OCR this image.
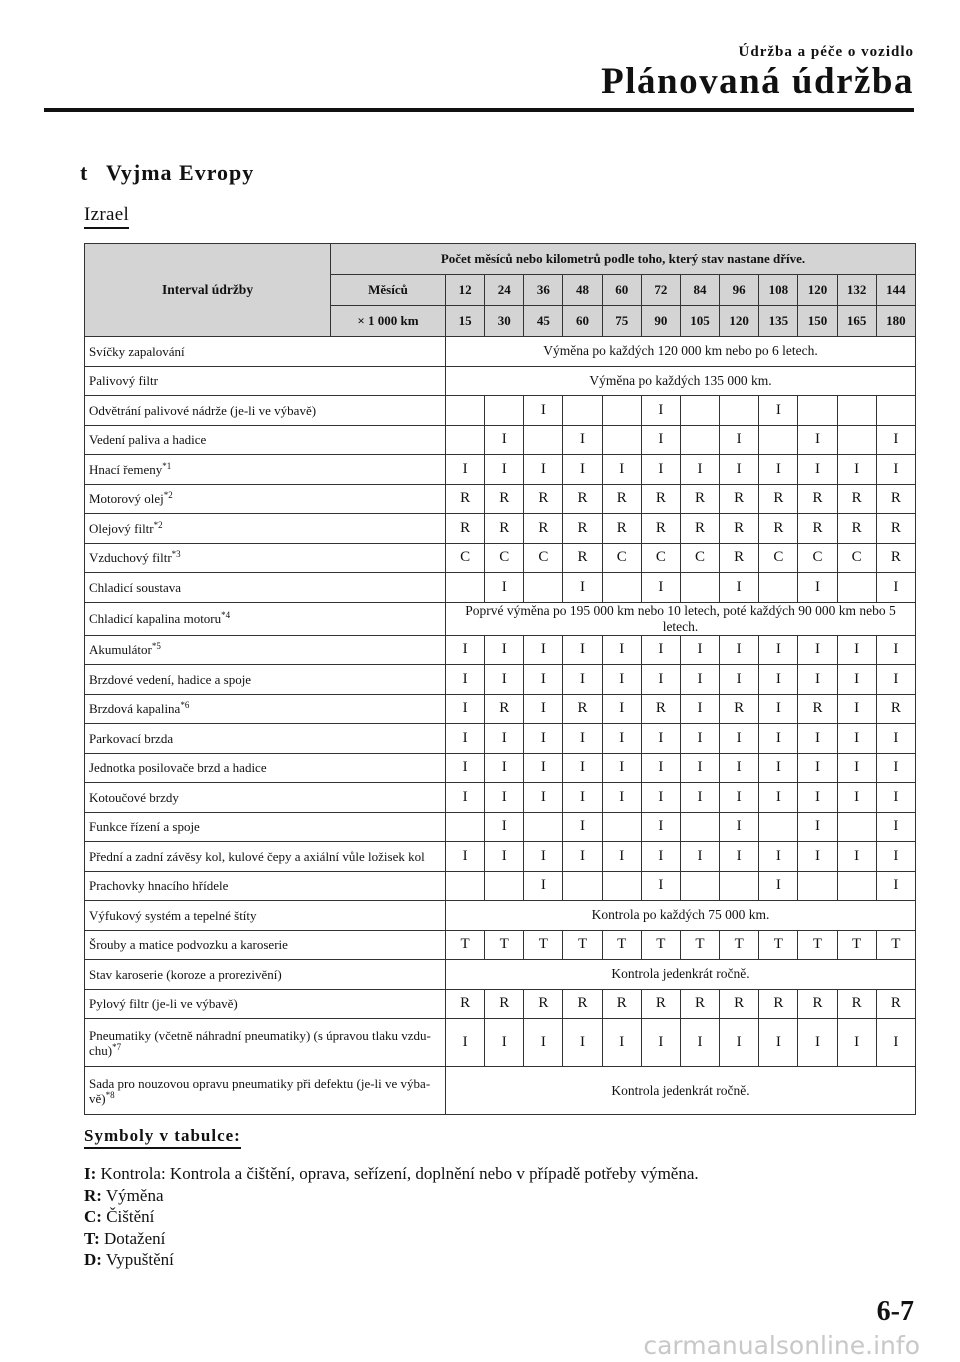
Údržba a péče o vozidlo
Plánovaná údržba
t Vyjma Evropy
Izrael
Interval údržby	Počet měsíců nebo kilometrů podle toho, který stav nastane dříve.												
	Měsíců	12	24	36	48	60	72	84	96	108	120	132	144
	× 1 000 km	15	30	45	60	75	90	105	120	135	150	165	180
Svíčky zapalování		Výměna po každých 120 000 km nebo po 6 letech.											
Palivový filtr		Výměna po každých 135 000 km.											
Odvětrání palivové nádrže (je-li ve výbavě)				I			I			I			
Vedení paliva a hadice			I		I		I		I		I		I
Hnací řemeny$^{*1}$		I	I	I	I	I	I	I	I	I	I	I	I
Motorový olej$^{*2}$		R	R	R	R	R	R	R	R	R	R	R	R
Olejový filtr$^{*2}$		R	R	R	R	R	R	R	R	R	R	R	R
Vzduchový filtr$^{*3}$		C	C	C	R	C	C	C	R	C	C	C	R
Chladicí soustava			I		I		I		I		I		I
Chladicí kapalina motoru$^{*4}$		Poprvé výměna po 195 000 km nebo 10 letech, poté každých 90 000 km nebo 5 letech.											
Akumulátor$^{*5}$		I	I	I	I	I	I	I	I	I	I	I	I
Brzdové vedení, hadice a spoje		I	I	I	I	I	I	I	I	I	I	I	I
Brzdová kapalina$^{*6}$		I	R	I	R	I	R	I	R	I	R	I	R
Parkovací brzda		I	I	I	I	I	I	I	I	I	I	I	I
Jednotka posilovače brzd a hadice		I	I	I	I	I	I	I	I	I	I	I	I
Kotoučové brzdy		I	I	I	I	I	I	I	I	I	I	I	I
Funkce řízení a spoje			I		I		I		I		I		I
Přední a zadní závěsy kol, kulové čepy a axiální vůle ložisek kol		I	I	I	I	I	I	I	I	I	I	I	I
Prachovky hnacího hřídele				I			I			I			I
Výfukový systém a tepelné štíty		Kontrola po každých 75 000 km.											
Šrouby a matice podvozku a karoserie		T	T	T	T	T	T	T	T	T	T	T	T
Stav karoserie (koroze a prorezivění)		Kontrola jedenkrát ročně.											
Pylový filtr (je-li ve výbavě)		R	R	R	R	R	R	R	R	R	R	R	R
Pneumatiky (včetně náhradní pneumatiky) (s úpravou tlaku vzdu-chu)$^{*7}$		I	I	I	I	I	I	I	I	I	I	I	I
Sada pro nouzovou opravu pneumatiky při defektu (je-li ve výba-vě)$^{*8}$		Kontrola jedenkrát ročně.											
Symboly v tabulce:
I: Kontrola: Kontrola a čištění, oprava, seřízení, doplnění nebo v případě potřeby výměna.
R: Výměna
C: Čištění
T: Dotažení
D: Vypuštění
6-7
carmanualsonline.info
